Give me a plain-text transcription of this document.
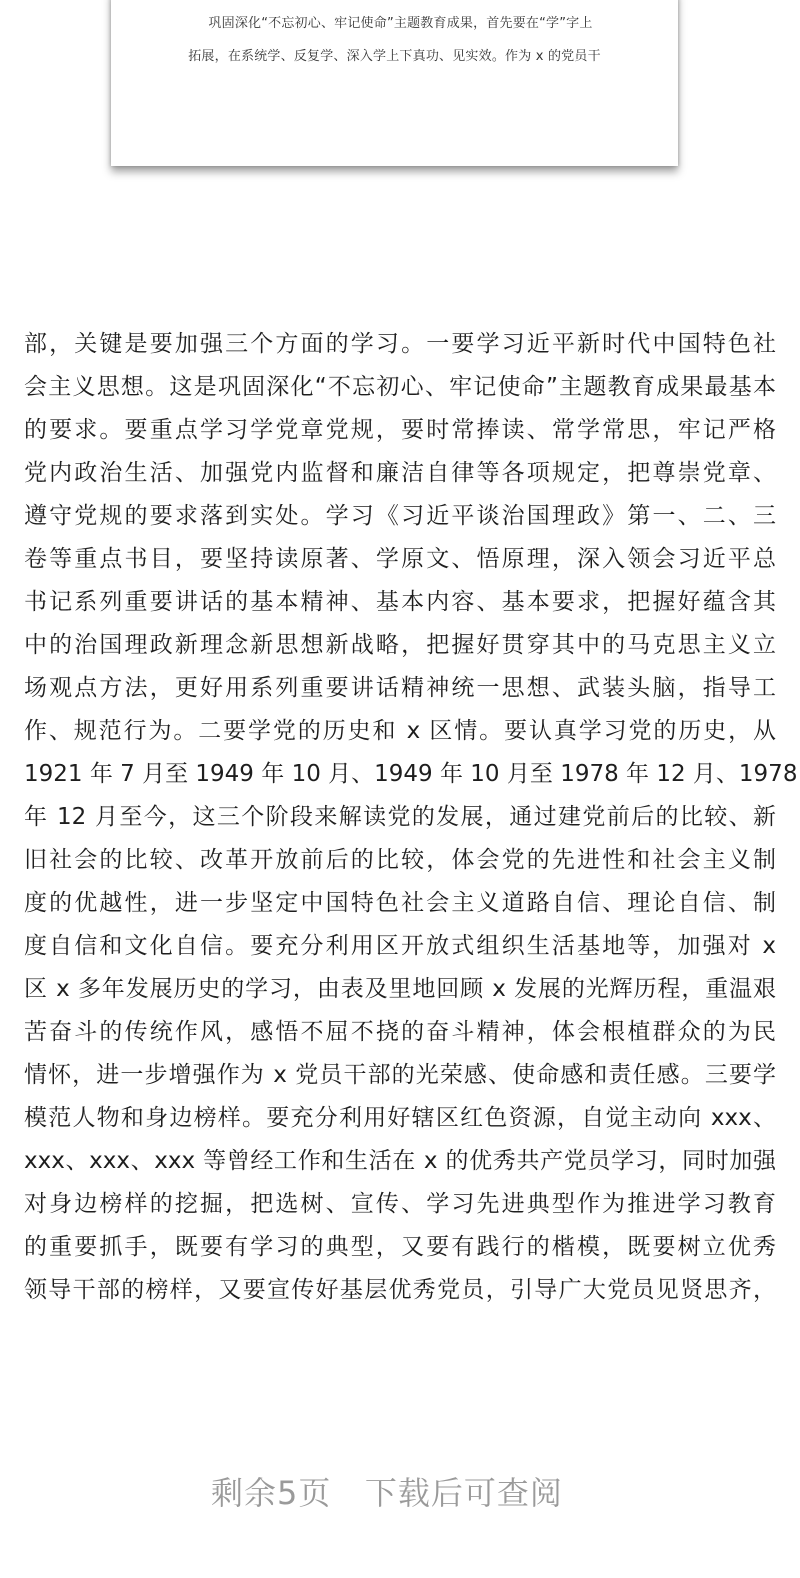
巩固深化“不忘初心、牢记使命”主题教育成果，首先要在“学”字上
拓展，在系统学、反复学、深入学上下真功、见实效。作为 x 的党员干
部，关键是要加强三个方面的学习。一要学习近平新时代中国特色社
会主义思想。这是巩固深化“不忘初心、牢记使命”主题教育成果最基本
的要求。要重点学习学党章党规，要时常捧读、常学常思，牢记严格
党内政治生活、加强党内监督和廉洁自律等各项规定，把尊崇党章、
遵守党规的要求落到实处。学习《习近平谈治国理政》第一、二、三
卷等重点书目，要坚持读原著、学原文、悟原理，深入领会习近平总
书记系列重要讲话的基本精神、基本内容、基本要求，把握好蕴含其
中的治国理政新理念新思想新战略，把握好贯穿其中的马克思主义立
场观点方法，更好用系列重要讲话精神统一思想、武装头脑，指导工
作、规范行为。二要学党的历史和 x 区情。要认真学习党的历史，从
1921 年 7 月至 1949 年 10 月、1949 年 10 月至 1978 年 12 月、1978
年 12 月至今，这三个阶段来解读党的发展，通过建党前后的比较、新
旧社会的比较、改革开放前后的比较，体会党的先进性和社会主义制
度的优越性，进一步坚定中国特色社会主义道路自信、理论自信、制
度自信和文化自信。要充分利用区开放式组织生活基地等，加强对 x
区 x 多年发展历史的学习，由表及里地回顾 x 发展的光辉历程，重温艰
苦奋斗的传统作风，感悟不屈不挠的奋斗精神，体会根植群众的为民
情怀，进一步增强作为 x 党员干部的光荣感、使命感和责任感。三要学
模范人物和身边榜样。要充分利用好辖区红色资源，自觉主动向 xxx、
xxx、xxx、xxx 等曾经工作和生活在 x 的优秀共产党员学习，同时加强
对身边榜样的挖掘，把选树、宣传、学习先进典型作为推进学习教育
的重要抓手，既要有学习的典型，又要有践行的楷模，既要树立优秀
领导干部的榜样，又要宣传好基层优秀党员，引导广大党员见贤思齐，
剩余5页   下载后可查阅
